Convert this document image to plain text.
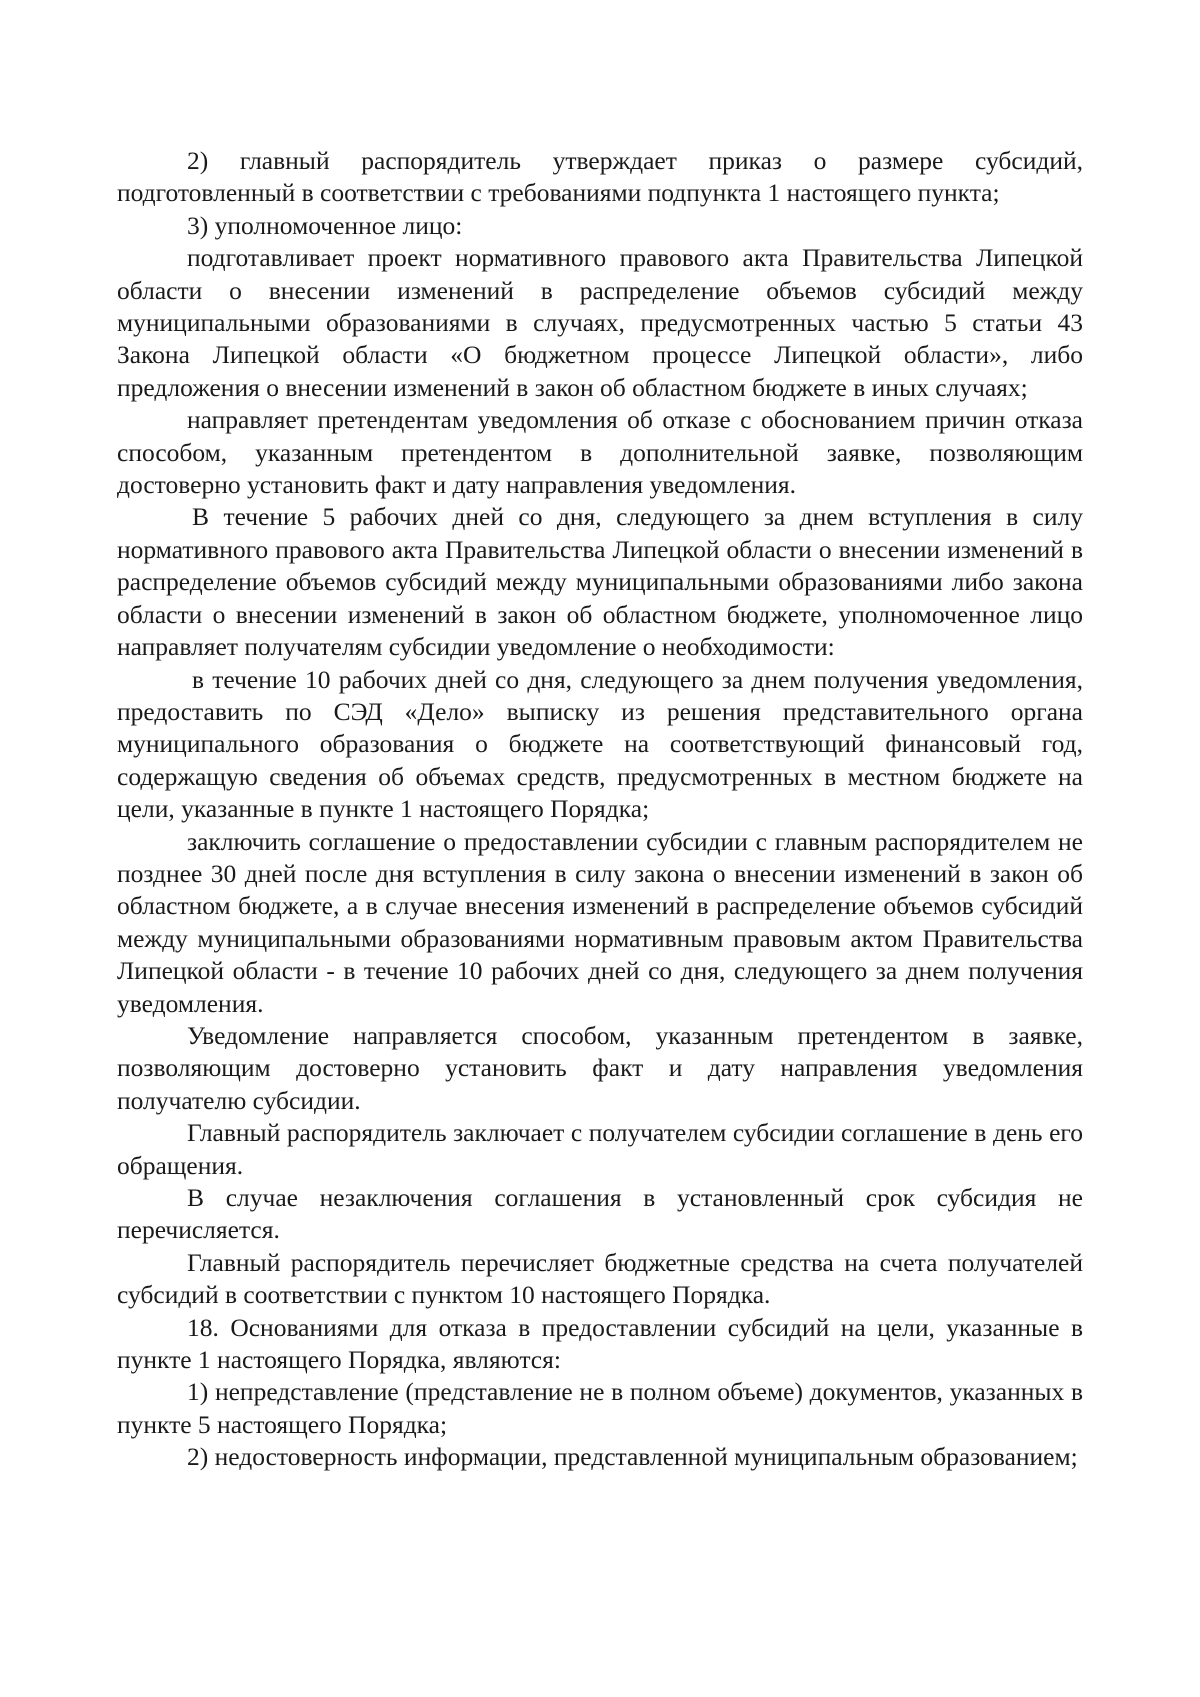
2) главный распорядитель утверждает приказ о размере субсидий, подготовленный в соответствии с требованиями подпункта 1 настоящего пункта;

3) уполномоченное лицо:

подготавливает проект нормативного правового акта Правительства Липецкой области о внесении изменений в распределение объемов субсидий между муниципальными образованиями в случаях, предусмотренных частью 5 статьи 43 Закона Липецкой области «О бюджетном процессе Липецкой области», либо предложения о внесении изменений в закон об областном бюджете в иных случаях;

направляет претендентам уведомления об отказе с обоснованием причин отказа способом, указанным претендентом в дополнительной заявке, позволяющим достоверно установить факт и дату направления уведомления.

В течение 5 рабочих дней со дня, следующего за днем вступления в силу нормативного правового акта Правительства Липецкой области о внесении изменений в распределение объемов субсидий между муниципальными образованиями либо закона области о внесении изменений в закон об областном бюджете, уполномоченное лицо направляет получателям субсидии уведомление о необходимости:

в течение 10 рабочих дней со дня, следующего за днем получения уведомления, предоставить по СЭД «Дело» выписку из решения представительного органа муниципального образования о бюджете на соответствующий финансовый год, содержащую сведения об объемах средств, предусмотренных в местном бюджете на цели, указанные в пункте 1 настоящего Порядка;

заключить соглашение о предоставлении субсидии с главным распорядителем не позднее 30 дней после дня вступления в силу закона о внесении изменений в закон об областном бюджете, а в случае внесения изменений в распределение объемов субсидий между муниципальными образованиями нормативным правовым актом Правительства Липецкой области - в течение 10 рабочих дней со дня, следующего за днем получения уведомления.

Уведомление направляется способом, указанным претендентом в заявке, позволяющим достоверно установить факт и дату направления уведомления получателю субсидии.

Главный распорядитель заключает с получателем субсидии соглашение в день его обращения.

В случае незаключения соглашения в установленный срок субсидия не перечисляется.

Главный распорядитель перечисляет бюджетные средства на счета получателей субсидий в соответствии с пунктом 10 настоящего Порядка.

18. Основаниями для отказа в предоставлении субсидий на цели, указанные в пункте 1 настоящего Порядка, являются:

1) непредставление (представление не в полном объеме) документов, указанных в пункте 5 настоящего Порядка;

2) недостоверность информации, представленной муниципальным образованием;
